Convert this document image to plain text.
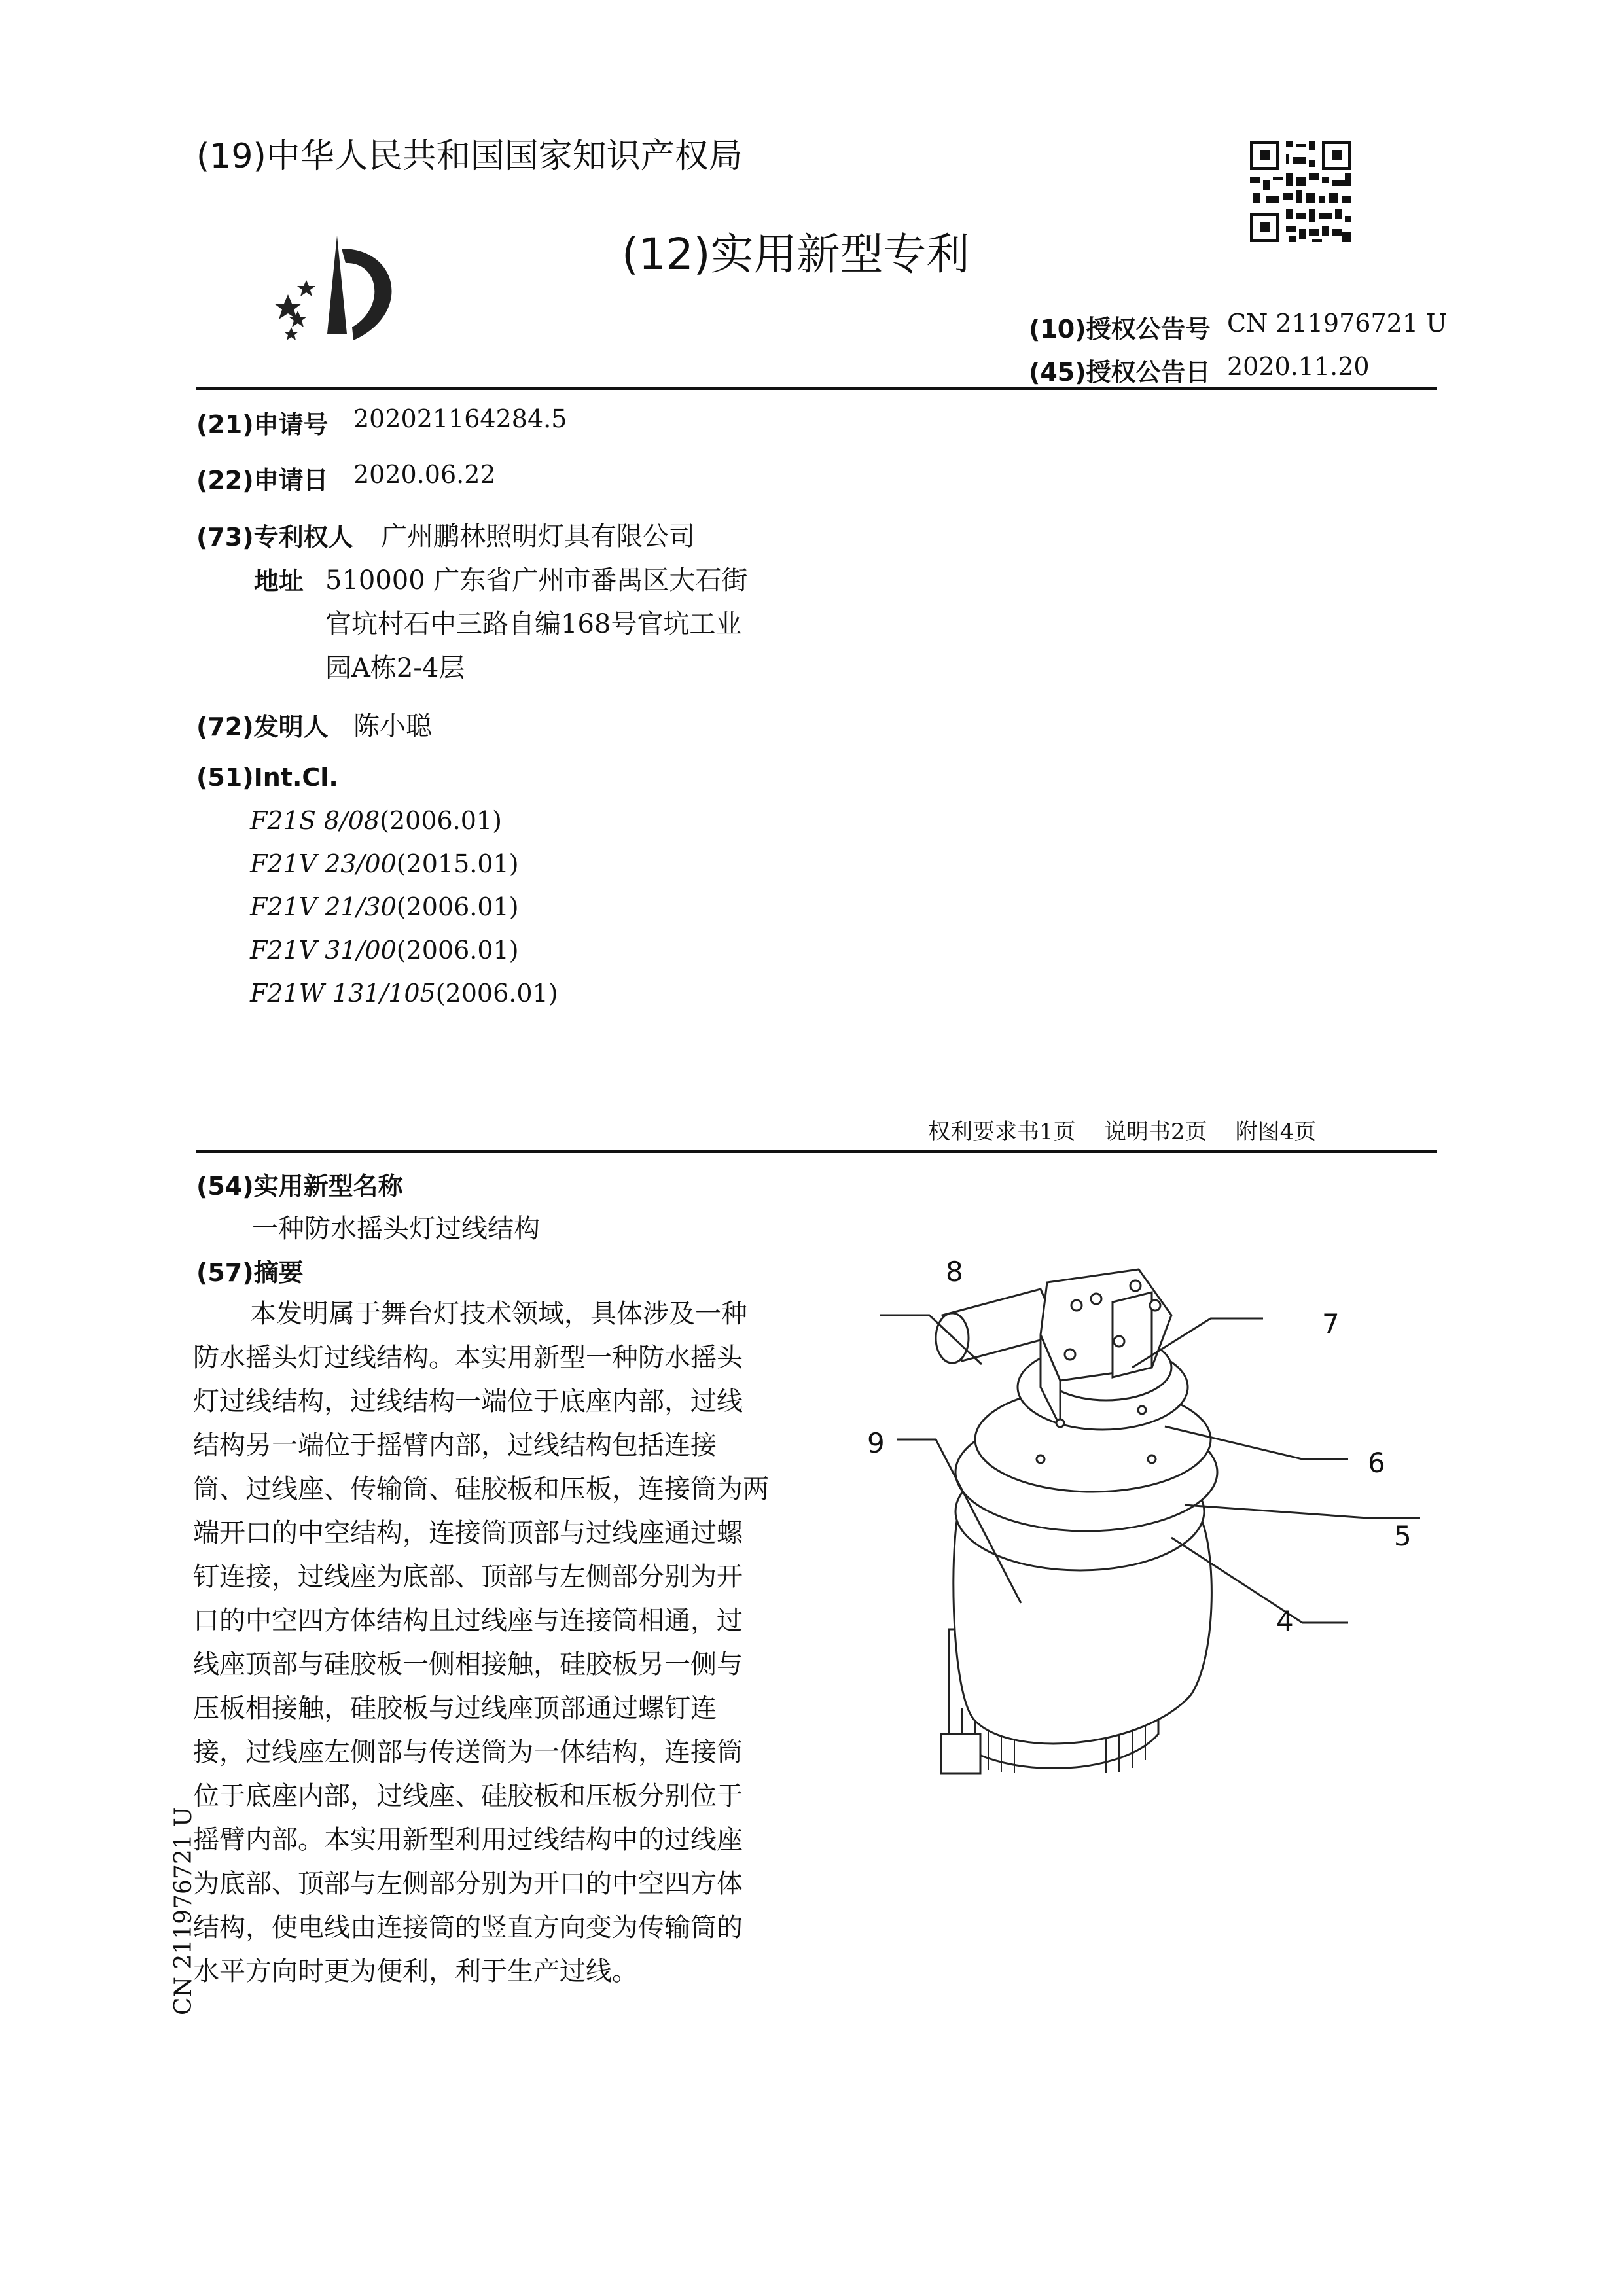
(19)中华人民共和国国家知识产权局
(12)实用新型专利
(10)授权公告号 CN 211976721 U
(45)授权公告日 2020.11.20
(21)申请号 202021164284.5
(22)申请日 2020.06.22
(73)专利权人 广州鹏林照明灯具有限公司
地址 510000 广东省广州市番禺区大石街
官坑村石中三路自编168号官坑工业
园A栋2-4层
(72)发明人 陈小聪
(51)Int.Cl.
F21S 8/08(2006.01)
F21V 23/00(2015.01)
F21V 21/30(2006.01)
F21V 31/00(2006.01)
F21W 131/105(2006.01)
权利要求书1页    说明书2页    附图4页
(54)实用新型名称
一种防水摇头灯过线结构
(57)摘要
本发明属于舞台灯技术领域，具体涉及一种
防水摇头灯过线结构。本实用新型一种防水摇头
灯过线结构，过线结构一端位于底座内部，过线
结构另一端位于摇臂内部，过线结构包括连接
筒、过线座、传输筒、硅胶板和压板，连接筒为两
端开口的中空结构，连接筒顶部与过线座通过螺
钉连接，过线座为底部、顶部与左侧部分别为开
口的中空四方体结构且过线座与连接筒相通，过
线座顶部与硅胶板一侧相接触，硅胶板另一侧与
压板相接触，硅胶板与过线座顶部通过螺钉连
接，过线座左侧部与传送筒为一体结构，连接筒
位于底座内部，过线座、硅胶板和压板分别位于
摇臂内部。本实用新型利用过线结构中的过线座
为底部、顶部与左侧部分别为开口的中空四方体
结构，使电线由连接筒的竖直方向变为传输筒的
水平方向时更为便利，利于生产过线。
CN 211976721 U
8
7
6
5
4
9
